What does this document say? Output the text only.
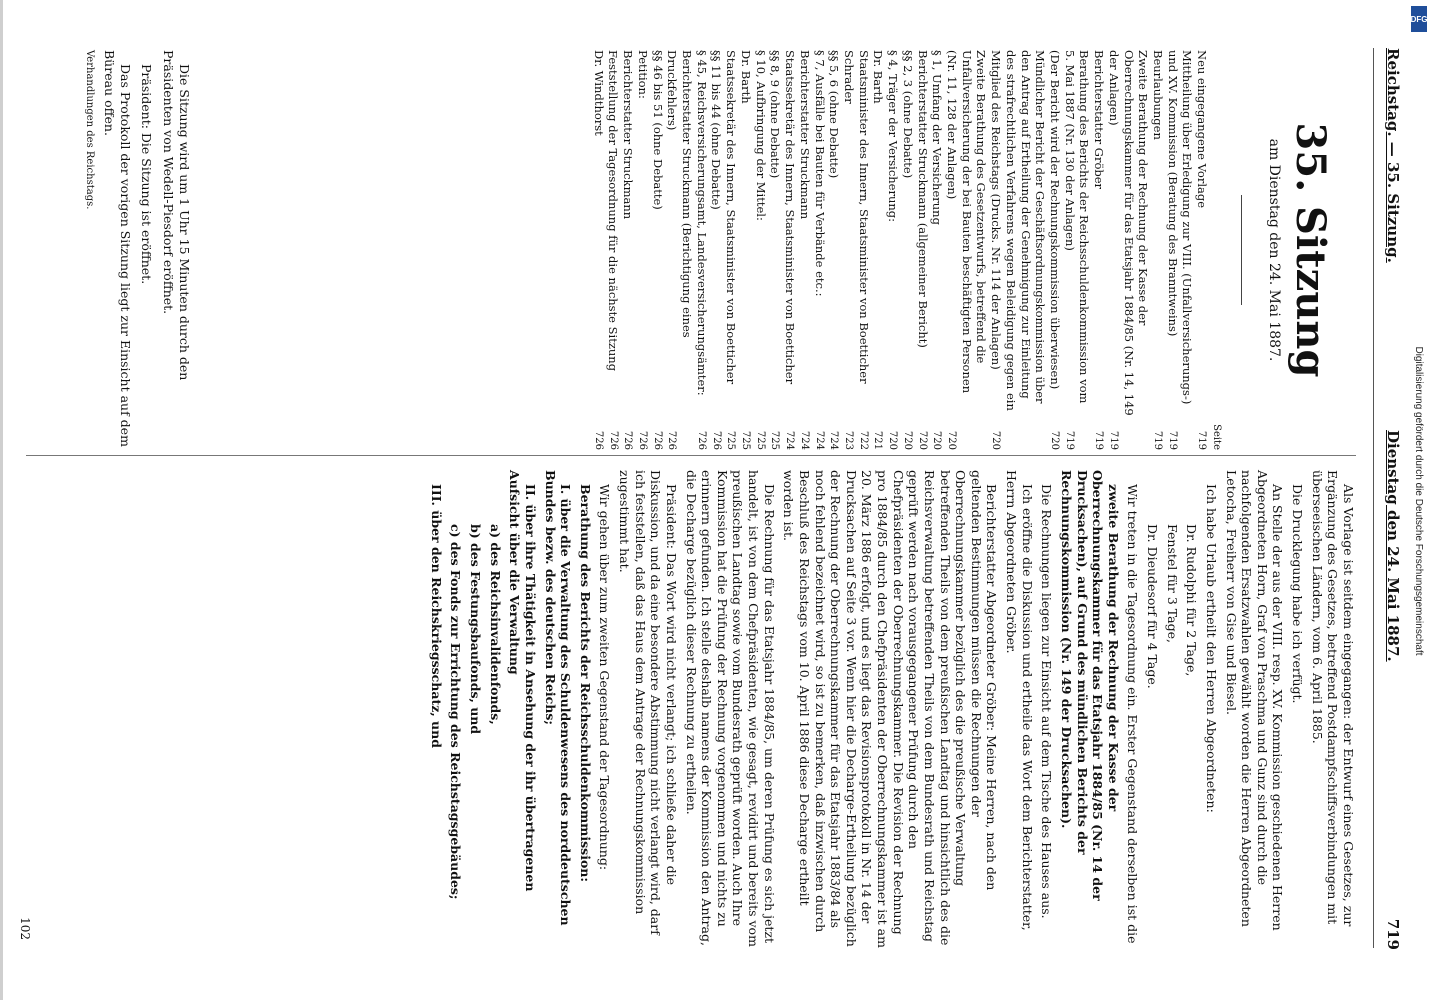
Reichstag. — 35. Sitzung.
Dienstag den 24. Mai 1887.
719
35. Sitzung
am Dienstag den 24. Mai 1887.
Seite
Neu eingegangene Vorlage
719
Mittheilung über Erledigung zur VIII. (Unfallversicherungs-) und XV. Kommission (Beratung des Branntweins)
719
Beurlaubungen
719
Zweite Berathung der Rechnung der Kasse der Oberrechnungskammer für das Etatsjahr 1884/85 (Nr. 14, 149 der Anlagen)
719
Berichterstatter Gröber
719
Berathung des Berichts der Reichsschuldenkommission vom 5. Mai 1887 (Nr. 130 der Anlagen)
719
(Der Bericht wird der Rechnungskommission überwiesen)
720
Mündlicher Bericht der Geschäftsordnungskommission über den Antrag auf Ertheilung der Genehmigung zur Einleitung des strafrechtlichen Verfahrens wegen Beleidigung gegen ein Mitglied des Reichstags (Drucks. Nr. 114 der Anlagen)
720
Zweite Berathung des Gesetzentwurfs, betreffend die Unfallversicherung der bei Bauten beschäftigten Personen (Nr. 11, 128 der Anlagen)
720
§ 1, Umfang der Versicherung
720
Berichterstatter Struckmann (allgemeiner Bericht)
720
§§ 2, 3 (ohne Debatte)
720
§ 4, Träger der Versicherung:
720
Dr. Barth
721
Staatsminister des Innern, Staatsminister von Boetticher
722
Schrader
723
§§ 5, 6 (ohne Debatte)
724
§ 7, Ausfälle bei Bauten für Verbände etc.:
724
Berichterstatter Struckmann
724
Staatssekretär des Innern, Staatsminister von Boetticher
724
§§ 8, 9 (ohne Debatte)
725
§ 10, Aufbringung der Mittel:
725
Dr. Barth
725
Staatssekretär des Innern, Staatsminister von Boetticher
725
§§ 11 bis 44 (ohne Debatte)
726
§ 45, Reichsversicherungsamt, Landesversicherungsämter:
726
Berichterstatter Struckmann (Berichtigung eines Druckfehlers)
726
§§ 46 bis 51 (ohne Debatte)
726
Petition:
726
Berichterstatter Struckmann
726
Feststellung der Tagesordnung für die nächste Sitzung
726
Dr. Windthorst
726

Die Sitzung wird um 1 Uhr 15 Minuten durch den Präsidenten von Wedell-Piesdorf eröffnet.

Präsident: Die Sitzung ist eröffnet.

Das Protokoll der vorigen Sitzung liegt zur Einsicht auf dem Büreau offen.

Verhandlungen des Reichstags.

Als Vorlage ist seitdem eingegangen: der Entwurf eines Gesetzes, zur Ergänzung des Gesetzes, betreffend Postdampfschiffsverbindungen mit überseeischen Ländern, vom 6. April 1885.

Die Drucklegung habe ich verfügt.

An Stelle der aus der VIII. resp. XV. Kommission geschiedenen Herren Abgeordneten Horn, Graf von Praschma und Gunz sind durch die nachfolgenden Ersatzwahlen gewählt worden die Herren Abgeordneten Letocha, Freiherr von Gise und Biesel.

Ich habe Urlaub ertheilt den Herren Abgeordneten:

Dr. Rudolphi für 2 Tage,

Fenstel für 3 Tage,

Dr. Dieudesorf für 4 Tage.

Wir treten in die Tagesordnung ein. Erster Gegenstand derselben ist die

zweite Berathung der Rechnung der Kasse der Oberrechnungskammer für das Etatsjahr 1884/85 (Nr. 14 der Drucksachen), auf Grund des mündlichen Berichts der Rechnungskommission (Nr. 149 der Drucksachen).

Die Rechnungen liegen zur Einsicht auf dem Tische des Hauses aus.

Ich eröffne die Diskussion und ertheile das Wort dem Berichterstatter, Herrn Abgeordneten Gröber.

Berichterstatter Abgeordneter Gröber: Meine Herren, nach den geltenden Bestimmungen müssen die Rechnungen der Oberrechnungskammer bezüglich des die preußische Verwaltung betreffenden Theils von dem preußischen Landtag und hinsichtlich des die Reichsverwaltung betreffenden Theils von dem Bundesrath und Reichstag geprüft werden nach vorausgegangener Prüfung durch den Chefpräsidenten der Oberrechnungskammer. Die Revision der Rechnung pro 1884/85 durch den Chefpräsidenten der Oberrechnungskammer ist am 20. März 1886 erfolgt, und es liegt das Revisionsprotokoll in Nr. 14 der Drucksachen auf Seite 3 vor. Wenn hier die Decharge-Ertheilung bezüglich der Rechnung der Oberrechnungskammer für das Etatsjahr 1883/84 als noch fehlend bezeichnet wird, so ist zu bemerken, daß inzwischen durch Beschluß des Reichstags vom 10. April 1886 diese Decharge ertheilt worden ist.

Die Rechnung für das Etatsjahr 1884/85, um deren Prüfung es sich jetzt handelt, ist von dem Chefpräsidenten, wie gesagt, revidirt und bereits vom preußischen Landtag sowie vom Bundesrath geprüft worden. Auch Ihre Kommission hat die Prüfung der Rechnung vorgenommen und nichts zu erinnern gefunden. Ich stelle deshalb namens der Kommission den Antrag, die Decharge bezüglich dieser Rechnung zu ertheilen.

Präsident: Das Wort wird nicht verlangt; ich schließe daher die Diskussion, und da eine besondere Abstimmung nicht verlangt wird, darf ich feststellen, daß das Haus dem Antrage der Rechnungskommission zugestimmt hat.

Wir gehen über zum zweiten Gegenstand der Tagesordnung:

Berathung des Berichts der Reichsschuldenkommission:

I. über die Verwaltung des Schuldenwesens des norddeutschen Bundes bezw. des deutschen Reichs;

II. über ihre Thätigkeit in Ansehung der ihr übertragenen Aufsicht über die Verwaltung

a) des Reichsinvalidenfonds,

b) des Festungsbaufonds, und

c) des Fonds zur Errichtung des Reichstagsgebäudes;

III. über den Reichskriegsschatz, und

102
Digitalisierung gefördert durch die Deutsche Forschungsgemeinschaft
DFG
